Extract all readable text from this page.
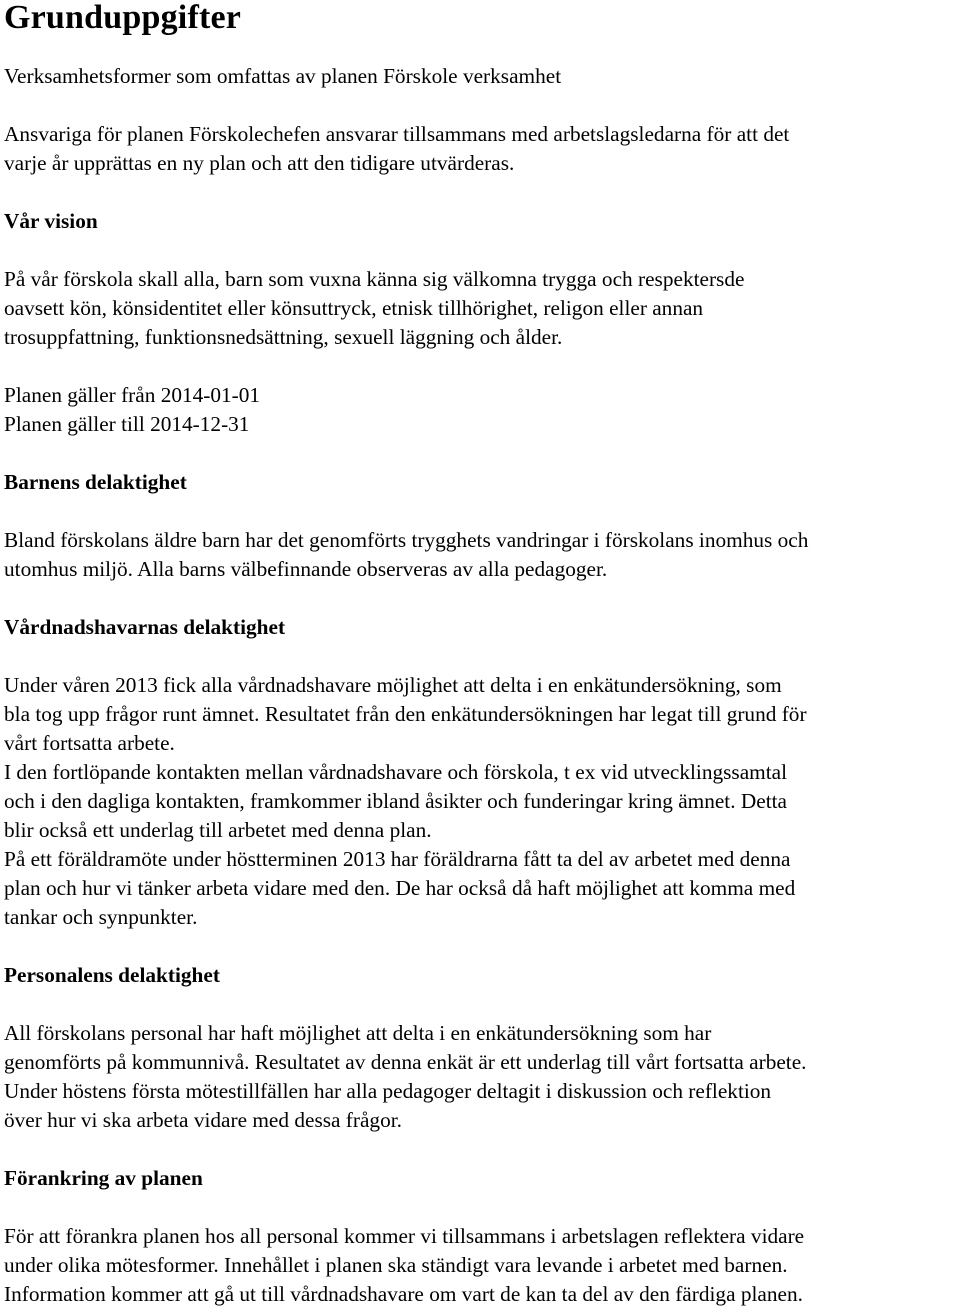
Grunduppgifter

Verksamhetsformer som omfattas av planen Förskole verksamhet

Ansvariga för planen Förskolechefen ansvarar tillsammans med arbetslagsledarna för att det

varje år upprättas en ny plan och att den tidigare utvärderas.

Vår vision

På vår förskola skall alla, barn som vuxna känna sig välkomna trygga och respektersde

oavsett kön, könsidentitet eller könsuttryck, etnisk tillhörighet, religon eller annan

trosuppfattning, funktionsnedsättning, sexuell läggning och ålder.

Planen gäller från 2014-01-01

Planen gäller till 2014-12-31

Barnens delaktighet

Bland förskolans äldre barn har det genomförts trygghets vandringar i förskolans inomhus och

utomhus miljö. Alla barns välbefinnande observeras av alla pedagoger.

Vårdnadshavarnas delaktighet

Under våren 2013 fick alla vårdnadshavare möjlighet att delta i en enkätundersökning, som

bla tog upp frågor runt ämnet. Resultatet från den enkätundersökningen har legat till grund för

vårt fortsatta arbete.

I den fortlöpande kontakten mellan vårdnadshavare och förskola, t ex vid utvecklingssamtal

och i den dagliga kontakten, framkommer ibland åsikter och funderingar kring ämnet. Detta

blir också ett underlag till arbetet med denna plan.

På ett föräldramöte under höstterminen 2013 har föräldrarna fått ta del av arbetet med denna

plan och hur vi tänker arbeta vidare med den. De har också då haft möjlighet att komma med

tankar och synpunkter.

Personalens delaktighet

All förskolans personal har haft möjlighet att delta i en enkätundersökning som har

genomförts på kommunnivå. Resultatet av denna enkät är ett underlag till vårt fortsatta arbete.

Under höstens första mötestillfällen har alla pedagoger deltagit i diskussion och reflektion

över hur vi ska arbeta vidare med dessa frågor.

Förankring av planen

För att förankra planen hos all personal kommer vi tillsammans i arbetslagen reflektera vidare

under olika mötesformer. Innehållet i planen ska ständigt vara levande i arbetet med barnen.

Information kommer att gå ut till vårdnadshavare om vart de kan ta del av den färdiga planen.
